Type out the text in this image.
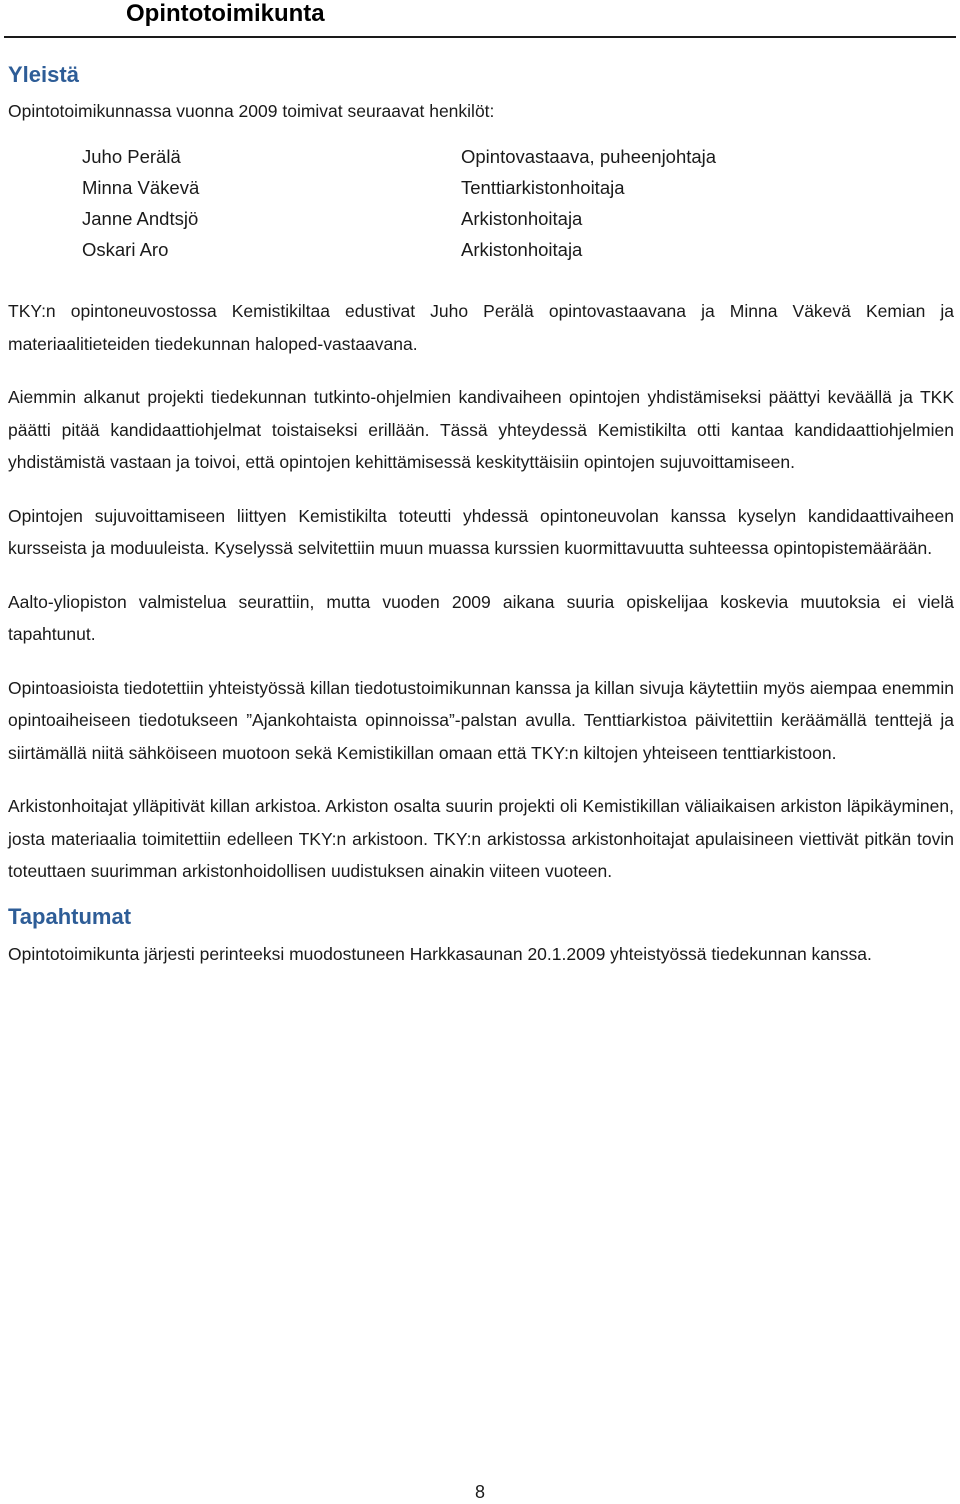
Opintotoimikunta
Yleistä

Opintotoimikunnassa vuonna 2009 toimivat seuraavat henkilöt:

Juho Perälä	Opintovastaava, puheenjohtaja
Minna Väkevä	Tenttiarkistonhoitaja
Janne Andtsjö	Arkistonhoitaja
Oskari Aro	Arkistonhoitaja

TKY:n opintoneuvostossa Kemistikiltaa edustivat Juho Perälä opintovastaavana ja Minna Väkevä Kemian ja materiaalitieteiden tiedekunnan haloped-vastaavana.

Aiemmin alkanut projekti tiedekunnan tutkinto-ohjelmien kandivaiheen opintojen yhdistämiseksi päättyi keväällä ja TKK päätti pitää kandidaattiohjelmat toistaiseksi erillään. Tässä yhteydessä Kemistikilta otti kantaa kandidaattiohjelmien yhdistämistä vastaan ja toivoi, että opintojen kehittämisessä keskityttäisiin opintojen sujuvoittamiseen.

Opintojen sujuvoittamiseen liittyen Kemistikilta toteutti yhdessä opintoneuvolan kanssa kyselyn kandidaattivaiheen kursseista ja moduuleista. Kyselyssä selvitettiin muun muassa kurssien kuormittavuutta suhteessa opintopistemäärään.

Aalto-yliopiston valmistelua seurattiin, mutta vuoden 2009 aikana suuria opiskelijaa koskevia muutoksia ei vielä tapahtunut.

Opintoasioista tiedotettiin yhteistyössä killan tiedotustoimikunnan kanssa ja killan sivuja käytettiin myös aiempaa enemmin opintoaiheiseen tiedotukseen ”Ajankohtaista opinnoissa”-palstan avulla. Tenttiarkistoa päivitettiin keräämällä tenttejä ja siirtämällä niitä sähköiseen muotoon sekä Kemistikillan omaan että TKY:n kiltojen yhteiseen tenttiarkistoon.

Arkistonhoitajat ylläpitivät killan arkistoa. Arkiston osalta suurin projekti oli Kemistikillan väliaikaisen arkiston läpikäyminen, josta materiaalia toimitettiin edelleen TKY:n arkistoon. TKY:n arkistossa arkistonhoitajat apulaisineen viettivät pitkän tovin toteuttaen suurimman arkistonhoidollisen uudistuksen ainakin viiteen vuoteen.

Tapahtumat

Opintotoimikunta järjesti perinteeksi muodostuneen Harkkasaunan 20.1.2009 yhteistyössä tiedekunnan kanssa.

8
